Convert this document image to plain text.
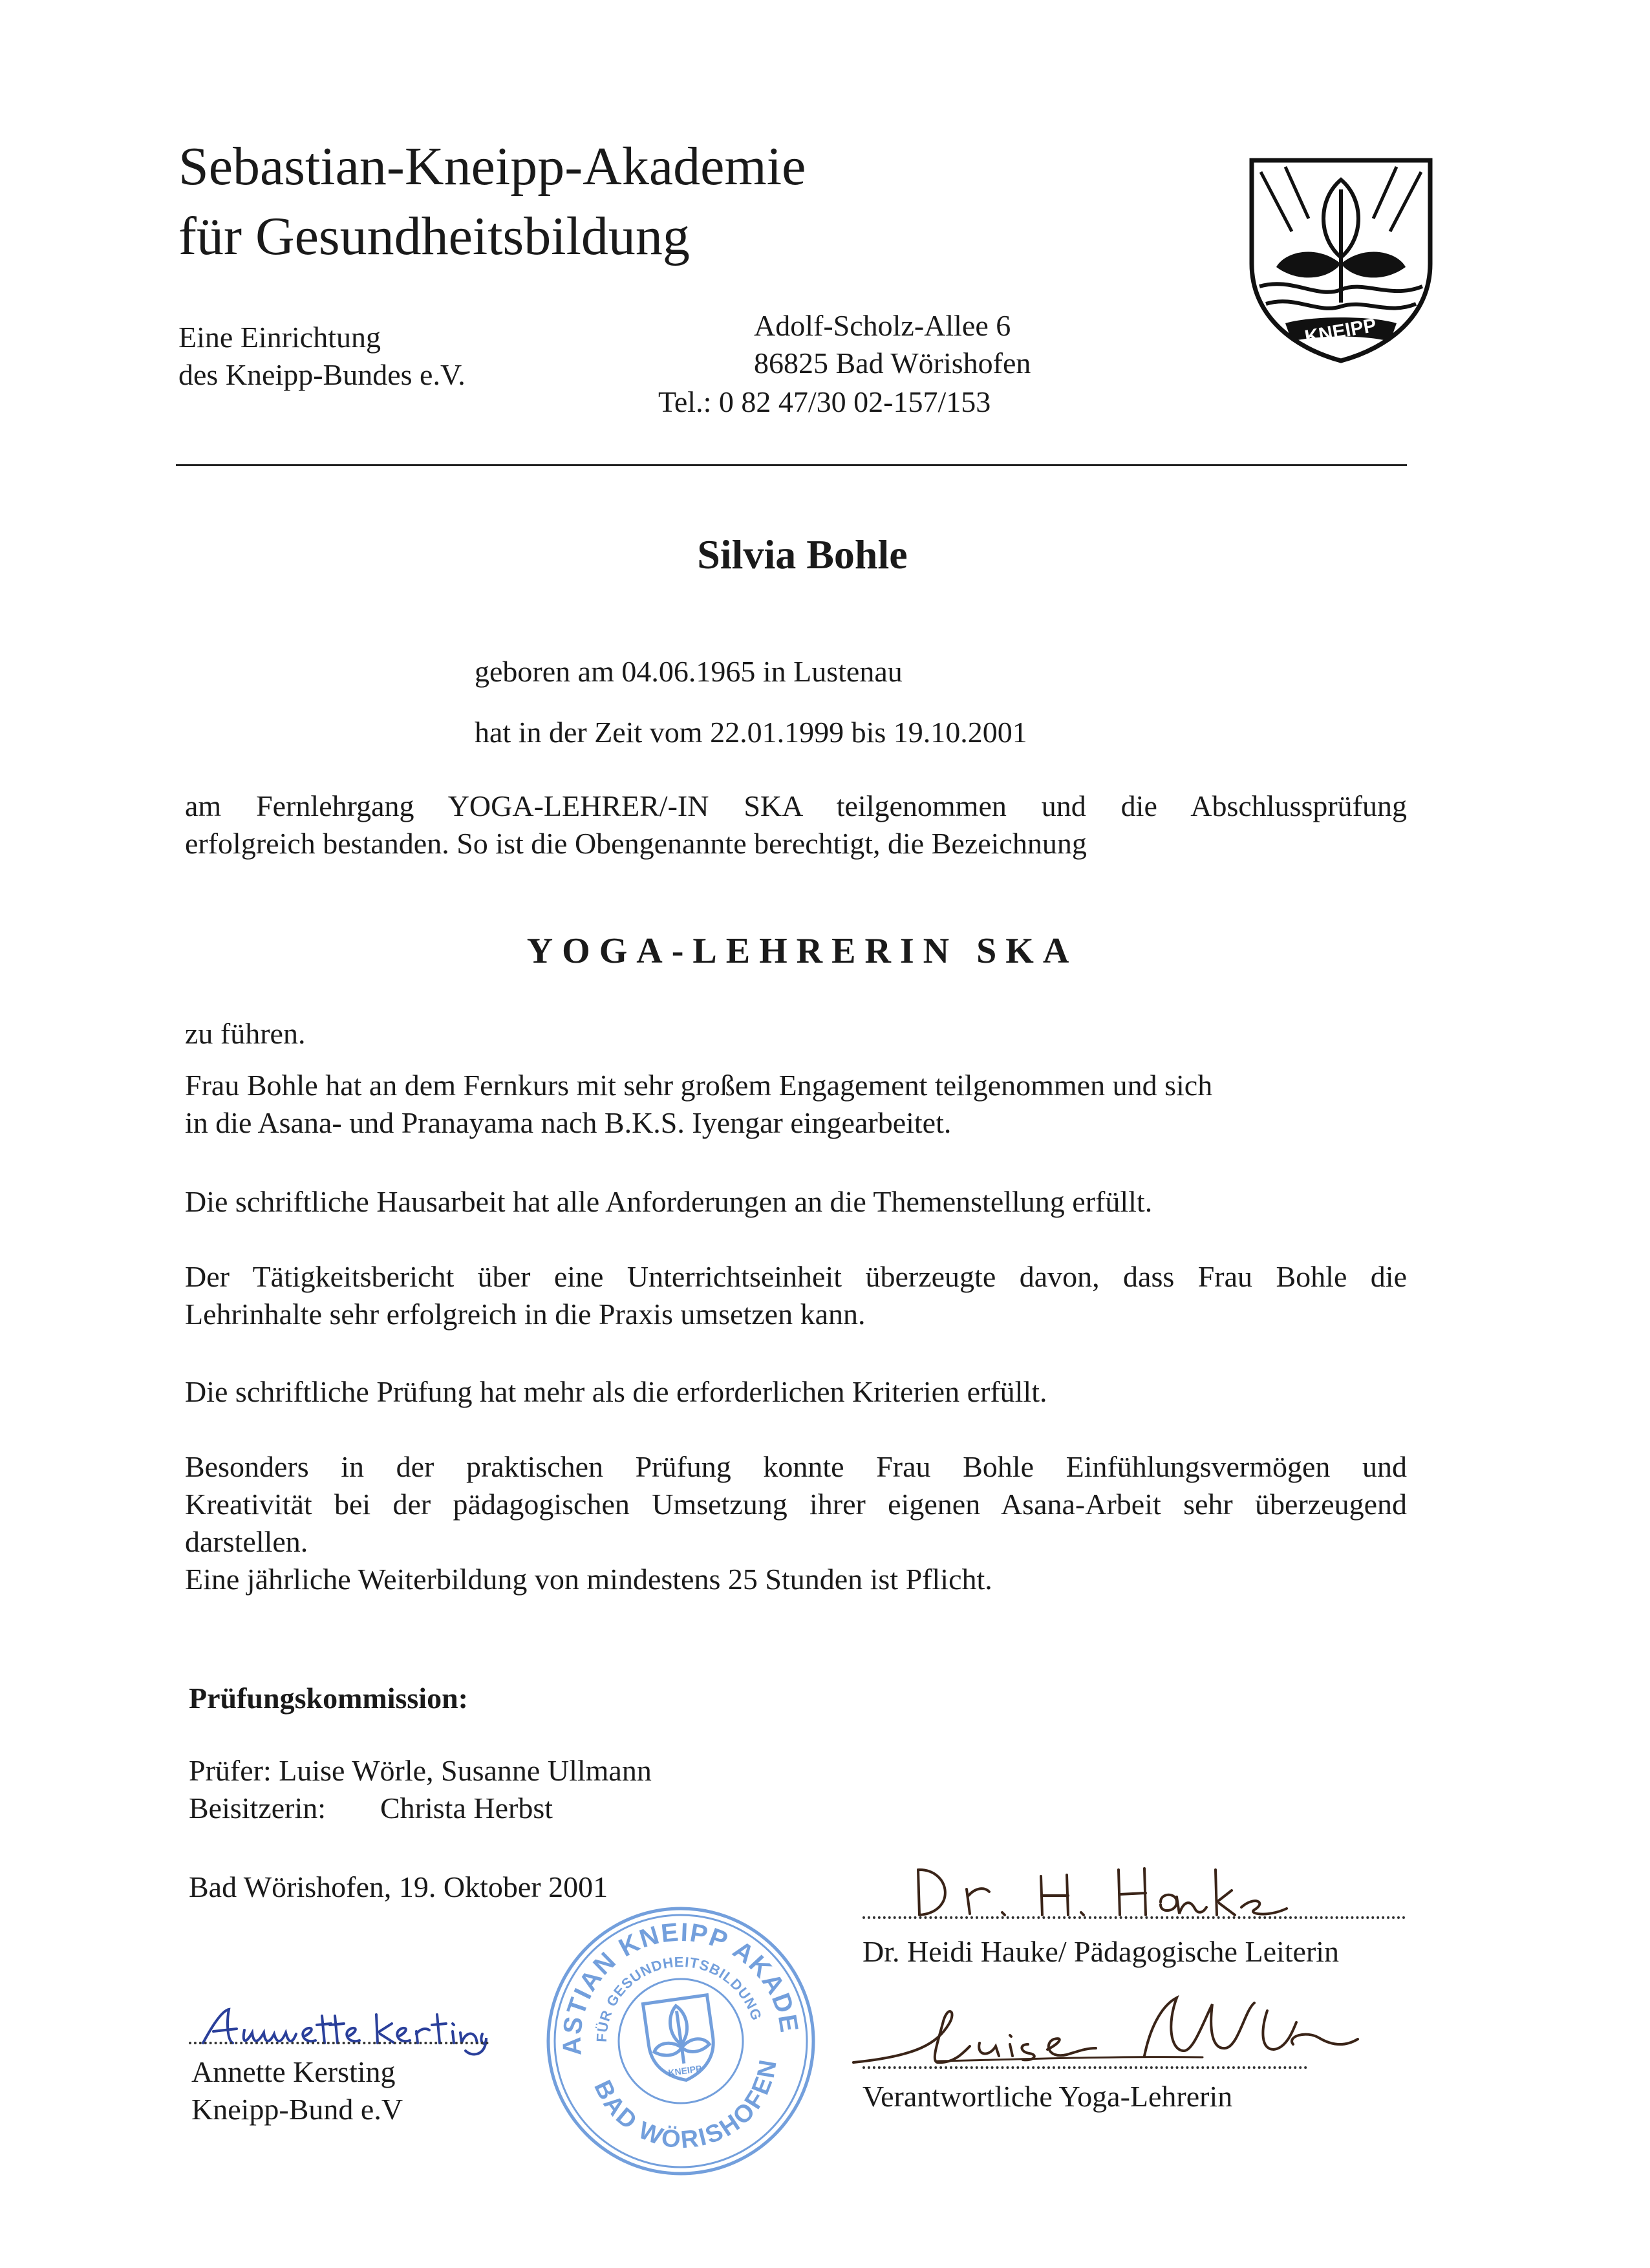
Sebastian-Kneipp-Akademie
für Gesundheitsbildung
Eine Einrichtung
des Kneipp-Bundes e.V.
Adolf-Scholz-Allee 6
86825 Bad Wörishofen
Tel.: 0 82 47/30 02-157/153
KNEIPP
Silvia Bohle
geboren am 04.06.1965 in Lustenau
hat in der Zeit vom 22.01.1999 bis 19.10.2001
am Fernlehrgang YOGA-LEHRER/-IN SKA teilgenommen und die Abschlussprüfung
erfolgreich bestanden. So ist die Obengenannte berechtigt, die Bezeichnung
YOGA-LEHRERIN SKA
zu führen.
Frau Bohle hat an dem Fernkurs mit sehr großem Engagement teilgenommen und sich
in die Asana- und Pranayama nach B.K.S. Iyengar eingearbeitet.
Die schriftliche Hausarbeit hat alle Anforderungen an die Themenstellung erfüllt.
Der Tätigkeitsbericht über eine Unterrichtseinheit überzeugte davon, dass Frau Bohle die
Lehrinhalte sehr erfolgreich in die Praxis umsetzen kann.
Die schriftliche Prüfung hat mehr als die erforderlichen Kriterien erfüllt.
Besonders in der praktischen Prüfung konnte Frau Bohle Einfühlungsvermögen und
Kreativität bei der pädagogischen Umsetzung ihrer eigenen Asana-Arbeit sehr überzeugend
darstellen.
Eine jährliche Weiterbildung von mindestens 25 Stunden ist Pflicht.
Prüfungskommission:
Prüfer: Luise Wörle, Susanne Ullmann
Beisitzerin: Christa Herbst
Bad Wörishofen, 19. Oktober 2001
Dr. Heidi Hauke/ Pädagogische Leiterin
Verantwortliche Yoga-Lehrerin
Annette Kersting
Kneipp-Bund e.V
SEBASTIAN KNEIPP AKADEMIE
FÜR GESUNDHEITSBILDUNG
BAD WÖRISHOFEN
KNEIPP
